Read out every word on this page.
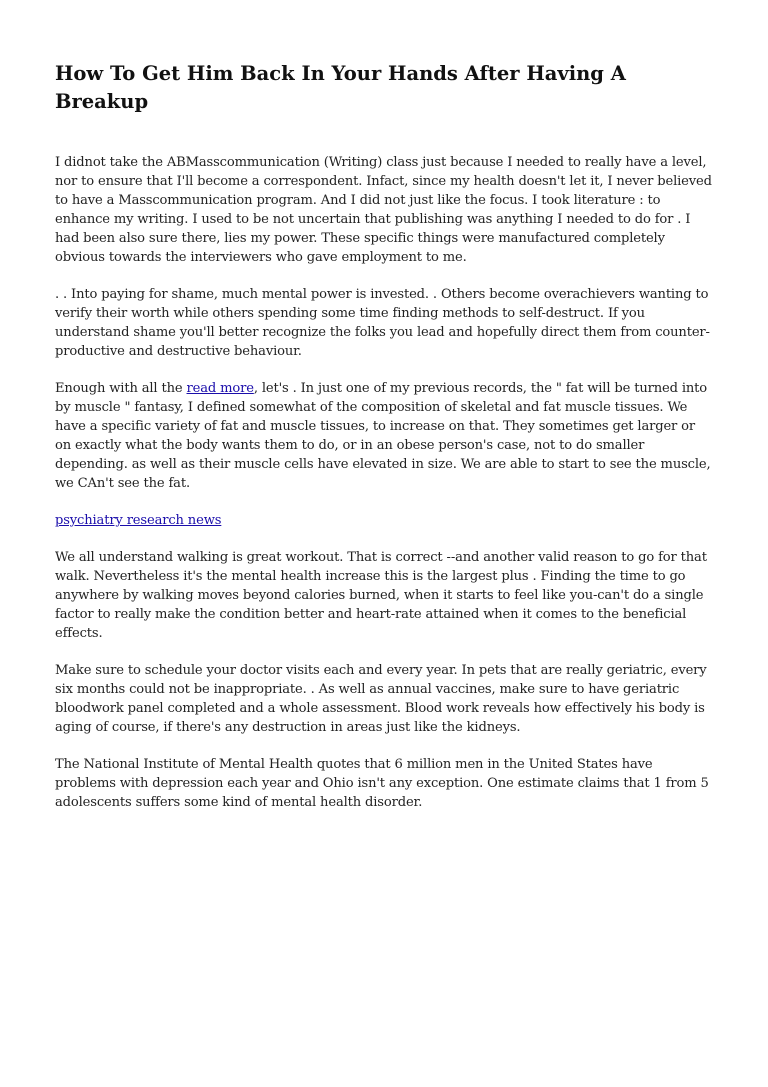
How To Get Him Back In Your Hands After Having A Breakup

I didnot take the ABMasscommunication (Writing) class just because I needed to really have a level, nor to ensure that I'll become a correspondent. Infact, since my health doesn't let it, I never believed to have a Masscommunication program. And I did not just like the focus. I took literature : to enhance my writing. I used to be not uncertain that publishing was anything I needed to do for . I had been also sure there, lies my power. These specific things were manufactured completely obvious towards the interviewers who gave employment to me.

. . Into paying for shame, much mental power is invested. . Others become overachievers wanting to verify their worth while others spending some time finding methods to self-destruct. If you understand shame you'll better recognize the folks you lead and hopefully direct them from counter-productive and destructive behaviour.

Enough with all the read more, let's . In just one of my previous records, the " fat will be turned into by muscle " fantasy, I defined somewhat of the composition of skeletal and fat muscle tissues. We have a specific variety of fat and muscle tissues, to increase on that. They sometimes get larger or on exactly what the body wants them to do, or in an obese person's case, not to do smaller depending. as well as their muscle cells have elevated in size. We are able to start to see the muscle, we CAn't see the fat.

psychiatry research news

We all understand walking is great workout. That is correct --and another valid reason to go for that walk. Nevertheless it's the mental health increase this is the largest plus . Finding the time to go anywhere by walking moves beyond calories burned, when it starts to feel like you-can't do a single factor to really make the condition better and heart-rate attained when it comes to the beneficial effects.

Make sure to schedule your doctor visits each and every year. In pets that are really geriatric, every six months could not be inappropriate. . As well as annual vaccines, make sure to have geriatric bloodwork panel completed and a whole assessment. Blood work reveals how effectively his body is aging of course, if there's any destruction in areas just like the kidneys.

The National Institute of Mental Health quotes that 6 million men in the United States have problems with depression each year and Ohio isn't any exception. One estimate claims that 1 from 5 adolescents suffers some kind of mental health disorder.
